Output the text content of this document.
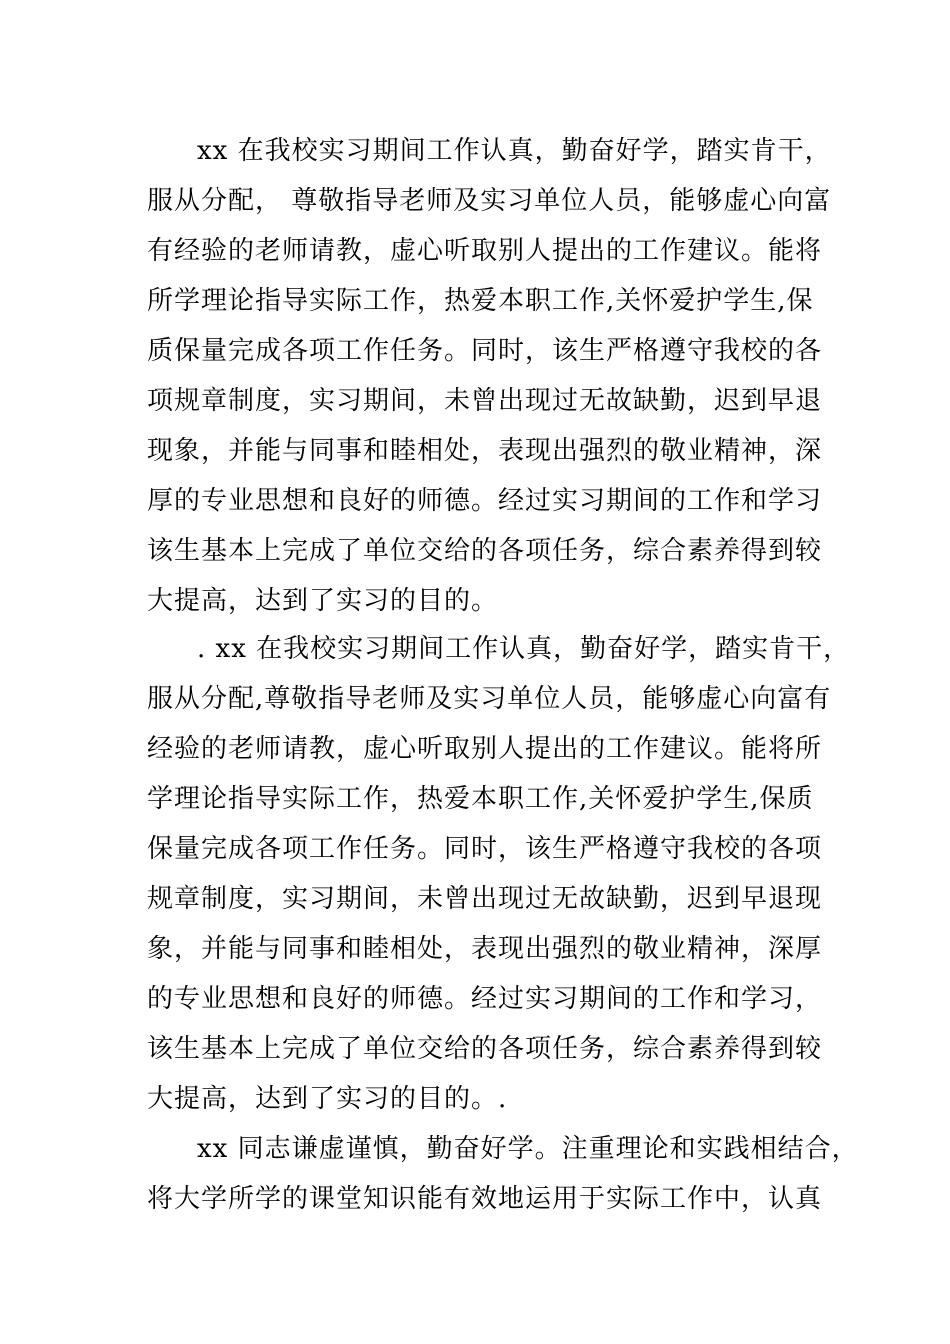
xx 在我校实习期间工作认真，勤奋好学，踏实肯干，
服从分配， 尊敬指导老师及实习单位人员，能够虚心向富
有经验的老师请教，虚心听取别人提出的工作建议。能将
所学理论指导实际工作，热爱本职工作,关怀爱护学生,保
质保量完成各项工作任务。同时，该生严格遵守我校的各
项规章制度，实习期间，未曾出现过无故缺勤，迟到早退
现象，并能与同事和睦相处，表现出强烈的敬业精神，深
厚的专业思想和良好的师德。经过实习期间的工作和学习
该生基本上完成了单位交给的各项任务，综合素养得到较
大提高，达到了实习的目的。
. xx 在我校实习期间工作认真，勤奋好学，踏实肯干，
服从分配,尊敬指导老师及实习单位人员，能够虚心向富有
经验的老师请教，虚心听取别人提出的工作建议。能将所
学理论指导实际工作，热爱本职工作,关怀爱护学生,保质
保量完成各项工作任务。同时，该生严格遵守我校的各项
规章制度，实习期间，未曾出现过无故缺勤，迟到早退现
象，并能与同事和睦相处，表现出强烈的敬业精神，深厚
的专业思想和良好的师德。经过实习期间的工作和学习，
该生基本上完成了单位交给的各项任务，综合素养得到较
大提高，达到了实习的目的。.
xx 同志谦虚谨慎，勤奋好学。注重理论和实践相结合，
将大学所学的课堂知识能有效地运用于实际工作中，认真
